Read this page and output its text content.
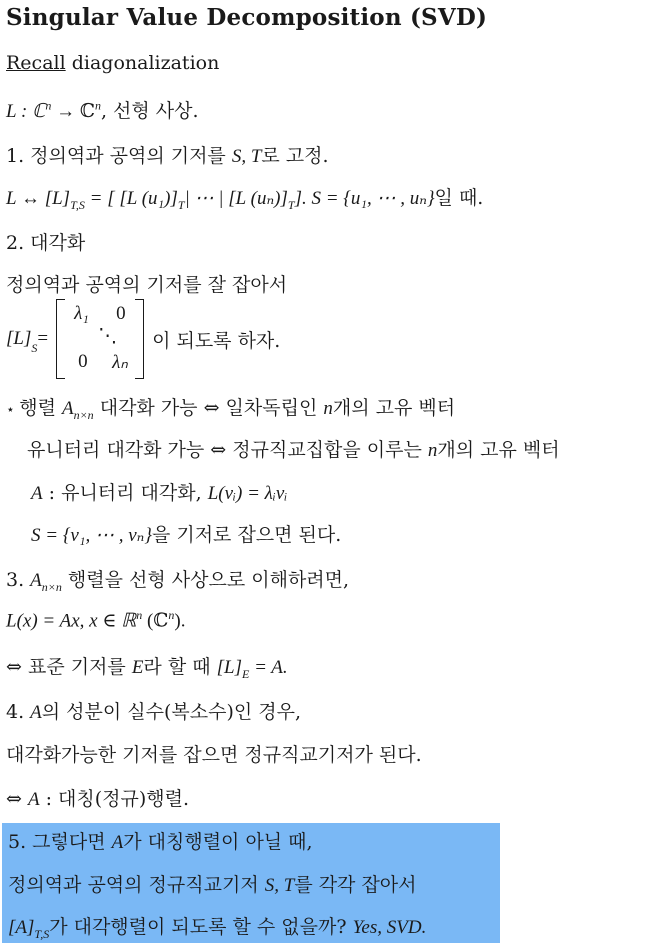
Singular Value Decomposition (SVD)
Recall diagonalization
L : ℂ$^n$ → ℂ$^n$, 선형 사상.
1. 정의역과 공역의 기저를 S, T로 고정.
L ↔ $[L]_{T,S}$ = [ [L $(u_1)]_T|$ ⋯ | [L $(u_n)]_T$]. S = {u₁, ⋯ , uₙ}일 때.
2. 대각화
정의역과 공역의 기저를 잘 잡아서
$[L]_S$ =
λ₁ 0
⋱
0 λₙ
이 되도록 하자.
⋆ 행렬 $A_{n\times n}$ 대각화 가능 ⇔ 일차독립인 n개의 고유 벡터
유니터리 대각화 가능 ⇔ 정규직교집합을 이루는 n개의 고유 벡터
A : 유니터리 대각화, L(vᵢ) = λᵢvᵢ
S = {v₁, ⋯ , vₙ}을 기저로 잡으면 된다.
3. $A_{n\times n}$ 행렬을 선형 사상으로 이해하려면,
L(x) = Ax, x ∈ ℝ$^n$ (ℂ$^n$).
⇔ 표준 기저를 E라 할 때 $[L]_E = A$.
4. A의 성분이 실수(복소수)인 경우,
대각화가능한 기저를 잡으면 정규직교기저가 된다.
⇔ A : 대칭(정규)행렬.
5. 그렇다면 A가 대칭행렬이 아닐 때,
정의역과 공역의 정규직교기저 S, T를 각각 잡아서
$[A]_{T,S}$가 대각행렬이 되도록 할 수 없을까? Yes, SVD.
